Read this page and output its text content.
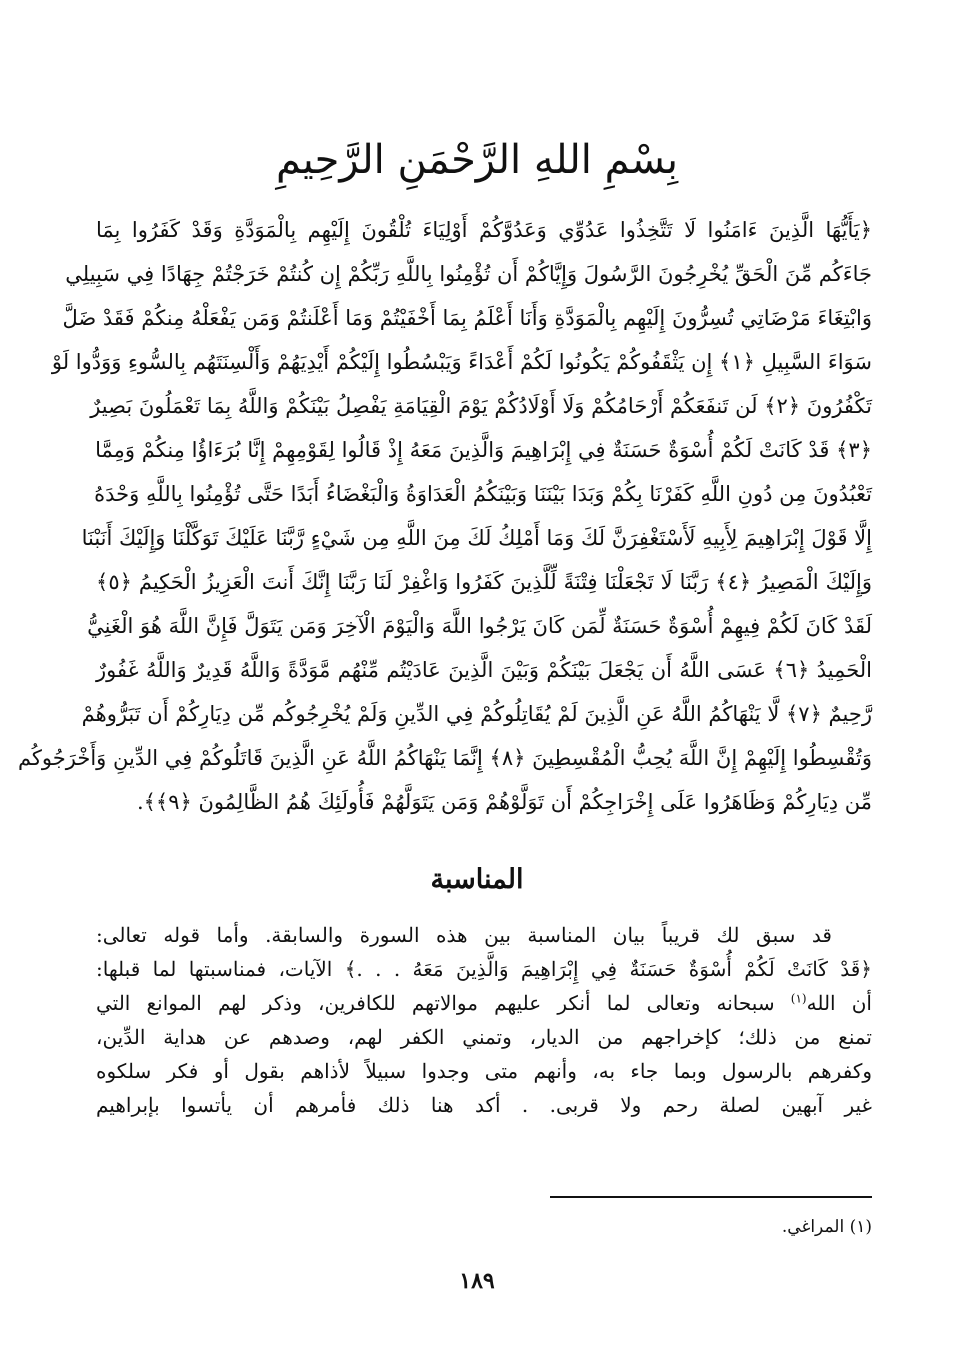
بِسْمِ اللهِ الرَّحْمَنِ الرَّحِيمِ
﴿يَأَيُّهَا الَّذِينَ ءَامَنُوا لَا تَتَّخِذُوا عَدُوِّي وَعَدُوَّكُمْ أَوْلِيَاءَ تُلْقُونَ إِلَيْهِم بِالْمَوَدَّةِ وَقَدْ كَفَرُوا بِمَا
جَاءَكُم مِّنَ الْحَقِّ يُخْرِجُونَ الرَّسُولَ وَإِيَّاكُمْ أَن تُؤْمِنُوا بِاللَّهِ رَبِّكُمْ إِن كُنتُمْ خَرَجْتُمْ جِهَادًا فِي سَبِيلِي
وَابْتِغَاءَ مَرْضَاتِي تُسِرُّونَ إِلَيْهِم بِالْمَوَدَّةِ وَأَنَا أَعْلَمُ بِمَا أَخْفَيْتُمْ وَمَا أَعْلَنتُمْ وَمَن يَفْعَلْهُ مِنكُمْ فَقَدْ ضَلَّ
سَوَاءَ السَّبِيلِ ﴿١﴾ إِن يَثْقَفُوكُمْ يَكُونُوا لَكُمْ أَعْدَاءً وَيَبْسُطُوا إِلَيْكُمْ أَيْدِيَهُمْ وَأَلْسِنَتَهُم بِالسُّوءِ وَوَدُّوا لَوْ
تَكْفُرُونَ ﴿٢﴾ لَن تَنفَعَكُمْ أَرْحَامُكُمْ وَلَا أَوْلَادُكُمْ يَوْمَ الْقِيَامَةِ يَفْصِلُ بَيْنَكُمْ وَاللَّهُ بِمَا تَعْمَلُونَ بَصِيرٌ
﴿٣﴾ قَدْ كَانَتْ لَكُمْ أُسْوَةٌ حَسَنَةٌ فِي إِبْرَاهِيمَ وَالَّذِينَ مَعَهُ إِذْ قَالُوا لِقَوْمِهِمْ إِنَّا بُرَءَاؤُا مِنكُمْ وَمِمَّا
تَعْبُدُونَ مِن دُونِ اللَّهِ كَفَرْنَا بِكُمْ وَبَدَا بَيْنَنَا وَبَيْنَكُمُ الْعَدَاوَةُ وَالْبَغْضَاءُ أَبَدًا حَتَّى تُؤْمِنُوا بِاللَّهِ وَحْدَهُ
إِلَّا قَوْلَ إِبْرَاهِيمَ لِأَبِيهِ لَأَسْتَغْفِرَنَّ لَكَ وَمَا أَمْلِكُ لَكَ مِنَ اللَّهِ مِن شَيْءٍ رَّبَّنَا عَلَيْكَ تَوَكَّلْنَا وَإِلَيْكَ أَنَبْنَا
وَإِلَيْكَ الْمَصِيرُ ﴿٤﴾ رَبَّنَا لَا تَجْعَلْنَا فِتْنَةً لِّلَّذِينَ كَفَرُوا وَاغْفِرْ لَنَا رَبَّنَا إِنَّكَ أَنتَ الْعَزِيزُ الْحَكِيمُ ﴿٥﴾
لَقَدْ كَانَ لَكُمْ فِيهِمْ أُسْوَةٌ حَسَنَةٌ لِّمَن كَانَ يَرْجُوا اللَّهَ وَالْيَوْمَ الْآخِرَ وَمَن يَتَوَلَّ فَإِنَّ اللَّهَ هُوَ الْغَنِيُّ
الْحَمِيدُ ﴿٦﴾ عَسَى اللَّهُ أَن يَجْعَلَ بَيْنَكُمْ وَبَيْنَ الَّذِينَ عَادَيْتُم مِّنْهُم مَّوَدَّةً وَاللَّهُ قَدِيرٌ وَاللَّهُ غَفُورٌ
رَّحِيمٌ ﴿٧﴾ لَّا يَنْهَاكُمُ اللَّهُ عَنِ الَّذِينَ لَمْ يُقَاتِلُوكُمْ فِي الدِّينِ وَلَمْ يُخْرِجُوكُم مِّن دِيَارِكُمْ أَن تَبَرُّوهُمْ
وَتُقْسِطُوا إِلَيْهِمْ إِنَّ اللَّهَ يُحِبُّ الْمُقْسِطِينَ ﴿٨﴾ إِنَّمَا يَنْهَاكُمُ اللَّهُ عَنِ الَّذِينَ قَاتَلُوكُمْ فِي الدِّينِ وَأَخْرَجُوكُم
مِّن دِيَارِكُمْ وَظَاهَرُوا عَلَى إِخْرَاجِكُمْ أَن تَوَلَّوْهُمْ وَمَن يَتَوَلَّهُمْ فَأُولَئِكَ هُمُ الظَّالِمُونَ ﴿٩﴾﴾.
المناسبة
قد سبق لك قريباً بيان المناسبة بين هذه السورة والسابقة. وأما قوله تعالى:
﴿قَدْ كَانَتْ لَكُمْ أُسْوَةٌ حَسَنَةٌ فِي إِبْرَاهِيمَ وَالَّذِينَ مَعَهُ . . .﴾ الآيات، فمناسبتها لما قبلها:
أن الله$^{(١)}$ سبحانه وتعالى لما أنكر عليهم موالاتهم للكافرين، وذكر لهم الموانع التي
تمنع من ذلك؛ كإخراجهم من الديار، وتمني الكفر لهم، وصدهم عن هداية الدِّين،
وكفرهم بالرسول وبما جاء به، وأنهم متى وجدوا سبيلاً لأذاهم بقول أو فكر سلكوه
غير آبهين لصلة رحم ولا قربى. . أكد هنا ذلك فأمرهم أن يأتسوا بإبراهيم
(١) المراغي.
١٨٩
